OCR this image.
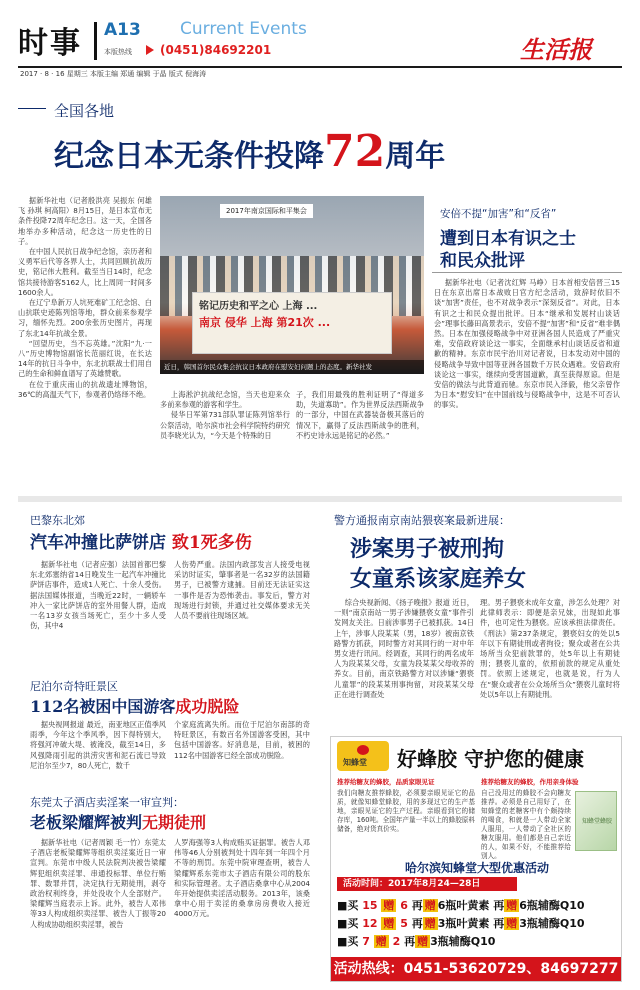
时事 A13 Current Events
本版热线 (0451)84692201	生活报
2017 · 8 · 16 星期三 本版主编 郑通 编辑 于晶 版式 倪海涛
全国各地
纪念日本无条件投降72周年

据新华社电（记者殷洪亮 吴振东 何雄飞 孙琪 柯高阳）8月15日，是日本宣布无条件投降72周年纪念日。这一天，全国各地举办多种活动，纪念这一历史性的日子。

在中国人民抗日战争纪念馆，亲历者和义勇军后代等各界人士，共同回顾抗战历史，铭记伟大胜利。截至当日14时，纪念馆共接待游客5162人，比上周同一时间多1600余人。

在辽宁阜新万人坑死难矿工纪念馆、白山抗联史迹陈列馆等地，群众前来参观学习，缅怀先烈。200余张历史图片，再现了东北14年抗战全景。

“回望历史，当不忘英雄。”沈阳“九·一八”历史博物馆副馆长范丽红说，在长达14年的抗日斗争中，东北抗联战士们用自己的生命和鲜血谱写了英雄赞歌。

在位于重庆南山的抗战遗址博物馆，36℃的高温天气下，参观者仍络绎不绝。

2017年南京国际和平集会
铭记历史和平之心 上海 ...
南京 侵华 上海 第21次 ...
近日，韩国首尔民众集会抗议日本政府在慰安妇问题上的态度。新华社发

上海淞沪抗战纪念馆，当天也迎来众多前来参观的游客和学生。

侵华日军第731部队罪证陈列馆举行公祭活动，哈尔滨市社会科学院特约研究员李晓光认为，“今天是个特殊的日

子，我们用最残的胜利证明了“得道多助，失道寡助”。作为世界反法西斯战争的一部分，中国在武器装备极其落后的情况下，赢得了反法西斯战争的胜利，不朽史诗永远是铭记的必然。”

安倍不提“加害”和“反省”
遭到日本有识之士
和民众批评
据新华社电（记者沈红辉 马峥）日本首相安倍晋三15日在东京出席日本战败日官方纪念活动，致辞时依旧不谈“加害”责任，也不对战争表示“深刻反省”。对此，日本有识之士和民众提出批评。日本“继承和发展村山谈话会”理事长藤田高景表示，安倍不提“加害”和“反省”难非偶然。日本在加强侵略战争中对亚洲各国人民造成了严重灾难，安倍政府谈论这一事实，全面继承村山谈话反省和道歉的精神。东京市民宇治川对记者说，日本发动对中国的侵略战争导致中国等亚洲各国数千万民众遇难。安倍政府谈论这一事实，继续向受害国道歉，真至获得原谅。但是安倍的做法与此背道而驰。东京市民入泽毅，他父亲曾作为日本“慰安妇”在中国前线与侵略战争中，这是不可否认的事实。
巴黎东北郊
汽车冲撞比萨饼店 致1死多伤
据新华社电（记者应强）法国首都巴黎东北郊塞纳省14日晚发生一起汽车冲撞比萨饼店事件，造成1人死亡、十余人受伤。据法国媒体报道，当晚近22时，一辆轿车冲入一家比萨饼店的室外用餐人群，造成一名13岁女孩当场死亡，至少十多人受伤，其中4
人伤势严重。法国内政部发言人接受电视采访时证实，肇事者是一名32岁的法国籍男子，已被警方逮捕。目前还无法证实这一事件是否为恐怖袭击。事发后，警方对现场进行封锁，并通过社交媒体要求无关人员不要前往现场区域。
尼泊尔奇特旺景区
112名被困中国游客成功脱险
据央视网报道 最近，南亚地区正值季风雨季，今年这个季风季，因下得特别大，将强河冲破大堤、被淹没，截至14日，多风强降雨引起的洪涝灾害和泥石流已导致尼泊尔至少7，80人死亡，数千
个家庭流离失所。而位于尼泊尔南部的奇特旺景区，有数百名外国游客受困，其中包括中国游客。好消息是，目前，被困的112名中国游客已经全部成功脱险。
东莞太子酒店卖淫案一审宣判：
老板梁耀辉被判无期徒刑
据新华社电（记者周颖 毛一竹）东莞太子酒店老板梁耀辉等组织卖淫案近日一审宣判。东莞市中级人民法院判决被告梁耀辉犯组织卖淫罪、串通投标罪、单位行贿罪、数罪并罚，决定执行无期徒刑，剥夺政治权利终身，并处没收个人全部财产。梁耀辉当庭表示上诉。此外，被告人邓伟等33人构成组织卖淫罪、被告人丁振等20人构成协助组织卖淫罪，被告
人罗海强等3人构成贿买证据罪。被告人邓伟等46人分别被判处十四年到一年四个月不等的刑罚。东莞中院审理查明，被告人梁耀辉系东莞市太子酒店有限公司的股东和实际管理者。太子酒店桑拿中心从2004年开始提供卖淫活动服务。2013年，该桑拿中心用于卖淫的桑拿房房费收入接近4000万元。
警方通报南京南站猥亵案最新进展：
涉案男子被刑拘
女童系该家庭养女
综合央视新闻、《扬子晚报》报道 近日，一则“南京南站一男子涉嫌猥亵女童”事件引发网友关注。日前涉事男子已被抓获。14日上午，涉事人段某某（男，18岁）被南京铁路警方抓获，同时警方对其同行的一对中年男女进行讯问。经调查，其同行的两名成年人为段某某父母，女童为段某某父母收养的养女。目前，南京铁路警方对以涉嫌“猥亵儿童罪”的段某某刑事拘留，对段某某父母正在进行调查处
理。男子猥亵未成年女童，涉怎么处理？对此律师表示：即便是亲兄妹，出现如此事件，也可定性为猥亵。应该承担法律责任。《刑法》第237条规定，猥亵妇女的处以5年以下有期徒刑或者拘役；聚众或者在公共场所当众犯前款罪的，处5年以上有期徒刑；猥亵儿童的，依照前款的规定从重处罚。依照上述规定，也就是说，行为人在“聚众或者在公众场所当众”猥亵儿童时将处以5年以上有期徒刑。
知蜂堂 好蜂胶 守护您的健康
推荐给糖友的蜂胶，品质家眼见证	推荐给糖友的蜂胶，作用亲身体验
我们向糖友推荐蜂胶，必须要亲眼见证它的品质，就像知蜂堂蜂胶，用的多现过它的生产基地，亲眼见证它的生产过程。亲眼看到它的储存库，160吨。全国年产量一半以上的蜂胶原料储备，绝对货真价实。
自己没用过的蜂胶不会向糖友推荐。必须是自己用好了，在知蜂堂的老糖客中有个颇持续的喝食，和就是一人带动全家人服用，一人带动了全社区的糖友服用。他们都是自己亲近的人，如果不好，不能推荐给别人。
知蜂堂蜂胶
哈尔滨知蜂堂大型优惠活动
活动时间：2017年8月24—28日
■买 15 赠 6 再 赠 6瓶叶黄素 再 赠 6瓶辅酶Q10
■买 12 赠 5 再 赠 3瓶叶黄素 再 赠 3瓶辅酶Q10
■买 7 赠 2 再 赠 3瓶辅酶Q10
活动热线：0451-53620729、84697277
